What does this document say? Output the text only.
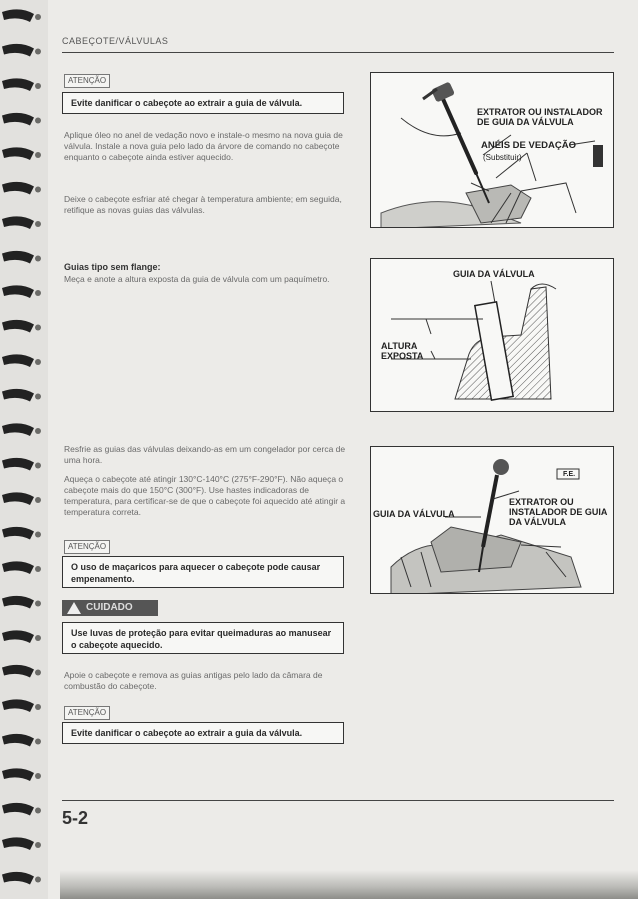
CABEÇOTE/VÁLVULAS
ATENÇÃO
Evite danificar o cabeçote ao extrair a guia de válvula.
Aplique óleo no anel de vedação novo e instale-o mesmo na nova guia de válvula. Instale a nova guia pelo lado da árvore de comando no cabeçote enquanto o cabeçote ainda estiver aquecido.
Deixe o cabeçote esfriar até chegar à temperatura ambiente; em seguida, retifique as novas guias das válvulas.
EXTRATOR OU INSTALADOR DE GUIA DA VÁLVULA
ANÉIS DE VEDAÇÃO
(Substituir)
Guias tipo sem flange:
Meça e anote a altura exposta da guia de válvula com um paquímetro.	GUIA DA VÁLVULA
ALTURA EXPOSTA
Resfrie as guias das válvulas deixando-as em um congelador por cerca de uma hora.
Aqueça o cabeçote até atingir 130°C-140°C (275°F-290°F). Não aqueça o cabeçote mais do que 150°C (300°F). Use hastes indicadoras de temperatura, para certificar-se de que o cabeçote foi aquecido até atingir a temperatura correta.
ATENÇÃO
O uso de maçaricos para aquecer o cabeçote pode causar empenamento.
CUIDADO
Use luvas de proteção para evitar queimaduras ao manusear o cabeçote aquecido.
Apoie o cabeçote e remova as guias antigas pelo lado da câmara de combustão do cabeçote.
ATENÇÃO
Evite danificar o cabeçote ao extrair a guia da válvula.
F.E.
GUIA DA VÁLVULA
EXTRATOR OU INSTALADOR DE GUIA DA VÁLVULA
5-2
